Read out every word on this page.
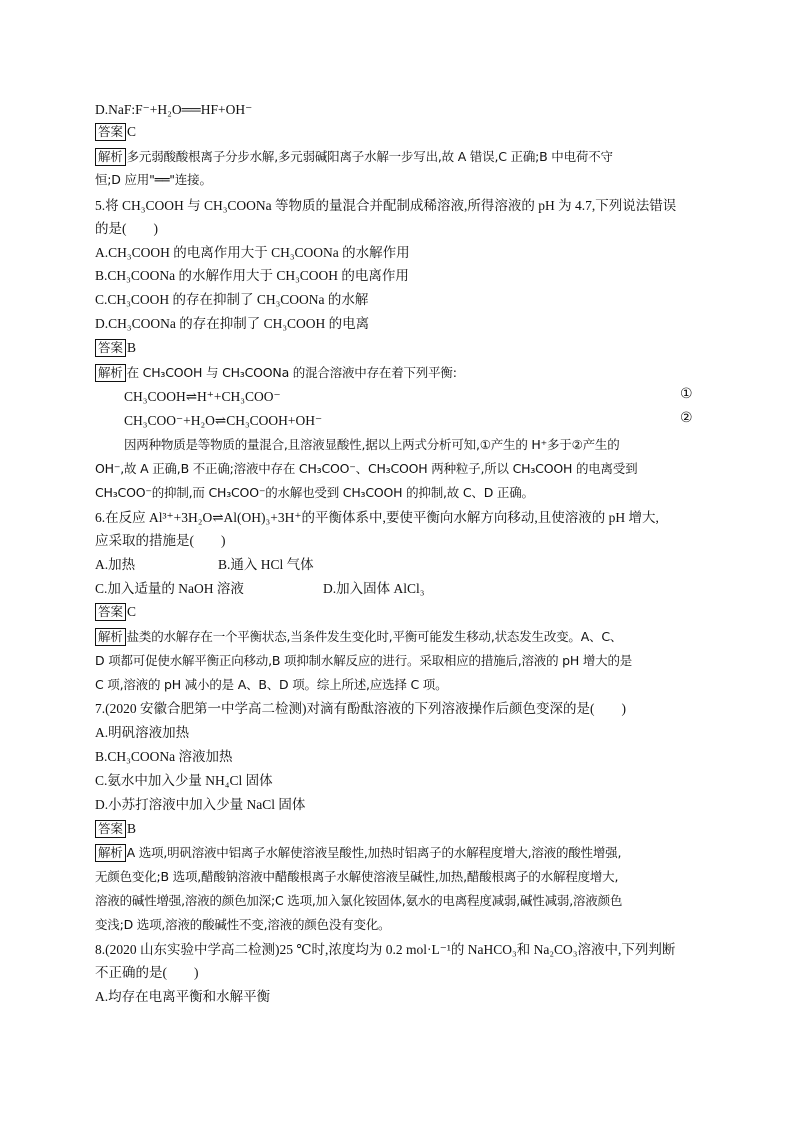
D.NaF:F⁻+H₂O══HF+OH⁻
答案 C
解析 多元弱酸酸根离子分步水解,多元弱碱阳离子水解一步写出,故 A 错误,C 正确;B 中电荷不守
恒;D 应用"══"连接。
5.将 CH₃COOH 与 CH₃COONa 等物质的量混合并配制成稀溶液,所得溶液的 pH 为 4.7,下列说法错误
的是(　　)
A.CH₃COOH 的电离作用大于 CH₃COONa 的水解作用
B.CH₃COONa 的水解作用大于 CH₃COOH 的电离作用
C.CH₃COOH 的存在抑制了 CH₃COONa 的水解
D.CH₃COONa 的存在抑制了 CH₃COOH 的电离
答案 B
解析 在 CH₃COOH 与 CH₃COONa 的混合溶液中存在着下列平衡:
CH₃COOH⇌H⁺+CH₃COO⁻	①
CH₃COO⁻+H₂O⇌CH₃COOH+OH⁻	②
因两种物质是等物质的量混合,且溶液显酸性,据以上两式分析可知,①产生的 H⁺多于②产生的
OH⁻,故 A 正确,B 不正确;溶液中存在 CH₃COO⁻、CH₃COOH 两种粒子,所以 CH₃COOH 的电离受到
CH₃COO⁻的抑制,而 CH₃COO⁻的水解也受到 CH₃COOH 的抑制,故 C、D 正确。
6.在反应 Al³⁺+3H₂O⇌Al(OH)₃+3H⁺的平衡体系中,要使平衡向水解方向移动,且使溶液的 pH 增大,
应采取的措施是(　　)
A.加热	B.通入 HCl 气体
C.加入适量的 NaOH 溶液	D.加入固体 AlCl₃
答案 C
解析 盐类的水解存在一个平衡状态,当条件发生变化时,平衡可能发生移动,状态发生改变。A、C、
D 项都可促使水解平衡正向移动,B 项抑制水解反应的进行。采取相应的措施后,溶液的 pH 增大的是
C 项,溶液的 pH 减小的是 A、B、D 项。综上所述,应选择 C 项。
7.(2020 安徽合肥第一中学高二检测)对滴有酚酞溶液的下列溶液操作后颜色变深的是(　　)
A.明矾溶液加热
B.CH₃COONa 溶液加热
C.氨水中加入少量 NH₄Cl 固体
D.小苏打溶液中加入少量 NaCl 固体
答案 B
解析 A 选项,明矾溶液中铝离子水解使溶液呈酸性,加热时铝离子的水解程度增大,溶液的酸性增强,
无颜色变化;B 选项,醋酸钠溶液中醋酸根离子水解使溶液呈碱性,加热,醋酸根离子的水解程度增大,
溶液的碱性增强,溶液的颜色加深;C 选项,加入氯化铵固体,氨水的电离程度减弱,碱性减弱,溶液颜色
变浅;D 选项,溶液的酸碱性不变,溶液的颜色没有变化。
8.(2020 山东实验中学高二检测)25 ℃时,浓度均为 0.2 mol·L⁻¹的 NaHCO₃和 Na₂CO₃溶液中,下列判断
不正确的是(　　)
A.均存在电离平衡和水解平衡
